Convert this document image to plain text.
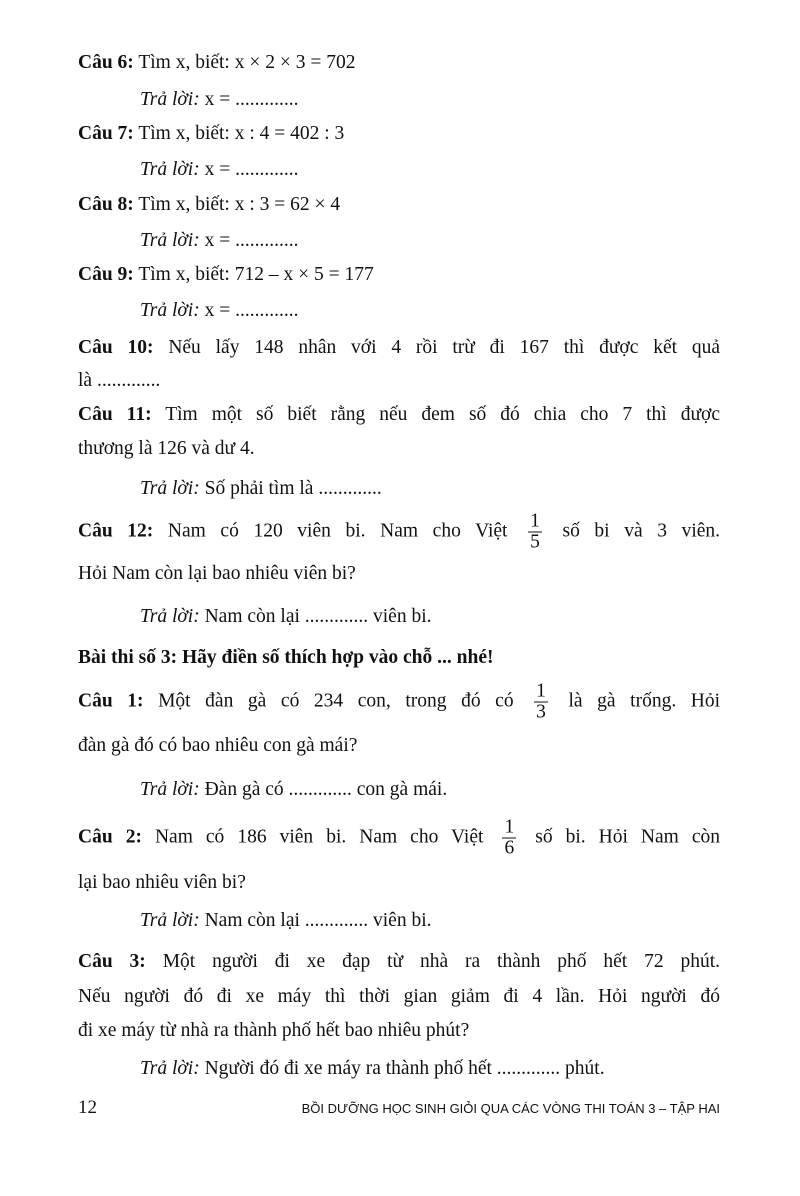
Câu 6: Tìm x, biết: x × 2 × 3 = 702
Trả lời: x = .............
Câu 7: Tìm x, biết: x : 4 = 402 : 3
Trả lời: x = .............
Câu 8: Tìm x, biết: x : 3 = 62 × 4
Trả lời: x = .............
Câu 9: Tìm x, biết: 712 – x × 5 = 177
Trả lời: x = .............
Câu 10: Nếu lấy 148 nhân với 4 rồi trừ đi 167 thì được kết quả
là .............
Câu 11: Tìm một số biết rằng nếu đem số đó chia cho 7 thì được
thương là 126 và dư 4.
Trả lời: Số phải tìm là .............
Câu 12: Nam có 120 viên bi. Nam cho Việt $\frac{1}{5}$ số bi và 3 viên.
Hỏi Nam còn lại bao nhiêu viên bi?
Trả lời: Nam còn lại ............. viên bi.
Bài thi số 3: Hãy điền số thích hợp vào chỗ ... nhé!
Câu 1: Một đàn gà có 234 con, trong đó có $\frac{1}{3}$ là gà trống. Hỏi
đàn gà đó có bao nhiêu con gà mái?
Trả lời: Đàn gà có ............. con gà mái.
Câu 2: Nam có 186 viên bi. Nam cho Việt $\frac{1}{6}$ số bi. Hỏi Nam còn
lại bao nhiêu viên bi?
Trả lời: Nam còn lại ............. viên bi.
Câu 3: Một người đi xe đạp từ nhà ra thành phố hết 72 phút.
Nếu người đó đi xe máy thì thời gian giảm đi 4 lần. Hỏi người đó
đi xe máy từ nhà ra thành phố hết bao nhiêu phút?
Trả lời: Người đó đi xe máy ra thành phố hết ............. phút.
12	BỒI DƯỠNG HỌC SINH GIỎI QUA CÁC VÒNG THI TOÁN 3 – TẬP HAI
